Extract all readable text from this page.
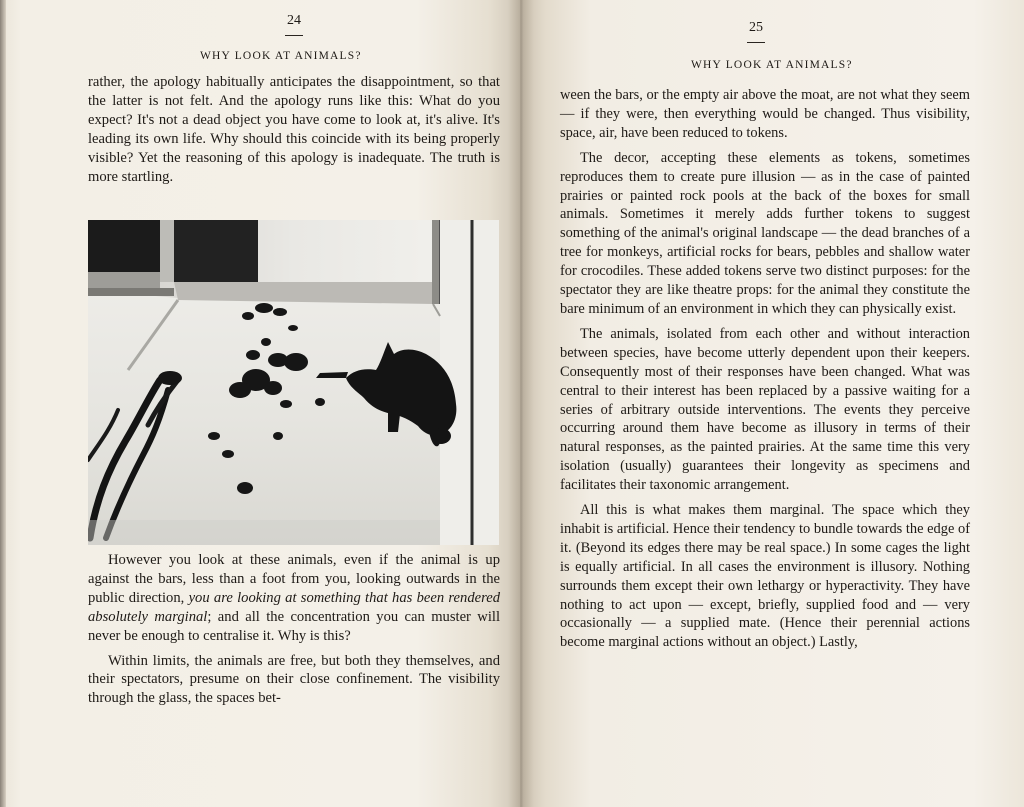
24
WHY LOOK AT ANIMALS?

rather, the apology habitually anticipates the disappointment, so that the latter is not felt. And the apology runs like this: What do you expect? It's not a dead object you have come to look at, it's alive. It's leading its own life. Why should this coincide with its being properly visible? Yet the reasoning of this apology is inadequate. The truth is more startling.

However you look at these animals, even if the animal is up against the bars, less than a foot from you, looking outwards in the public direction, you are looking at something that has been rendered absolutely marginal; and all the concentration you can muster will never be enough to centralise it. Why is this?

Within limits, the animals are free, but both they themselves, and their spectators, presume on their close confinement. The visibility through the glass, the spaces bet-

25
WHY LOOK AT ANIMALS?

ween the bars, or the empty air above the moat, are not what they seem — if they were, then everything would be changed. Thus visibility, space, air, have been reduced to tokens.

The decor, accepting these elements as tokens, sometimes reproduces them to create pure illusion — as in the case of painted prairies or painted rock pools at the back of the boxes for small animals. Sometimes it merely adds further tokens to suggest something of the animal's original landscape — the dead branches of a tree for monkeys, artificial rocks for bears, pebbles and shallow water for crocodiles. These added tokens serve two distinct purposes: for the spectator they are like theatre props: for the animal they constitute the bare minimum of an environment in which they can physically exist.

The animals, isolated from each other and without interaction between species, have become utterly dependent upon their keepers. Consequently most of their responses have been changed. What was central to their interest has been replaced by a passive waiting for a series of arbitrary outside interventions. The events they perceive occurring around them have become as illusory in terms of their natural responses, as the painted prairies. At the same time this very isolation (usually) guarantees their longevity as specimens and facilitates their taxonomic arrangement.

All this is what makes them marginal. The space which they inhabit is artificial. Hence their tendency to bundle towards the edge of it. (Beyond its edges there may be real space.) In some cages the light is equally artificial. In all cases the environment is illusory. Nothing surrounds them except their own lethargy or hyperactivity. They have nothing to act upon — except, briefly, supplied food and — very occasionally — a supplied mate. (Hence their perennial actions become marginal actions without an object.) Lastly,
